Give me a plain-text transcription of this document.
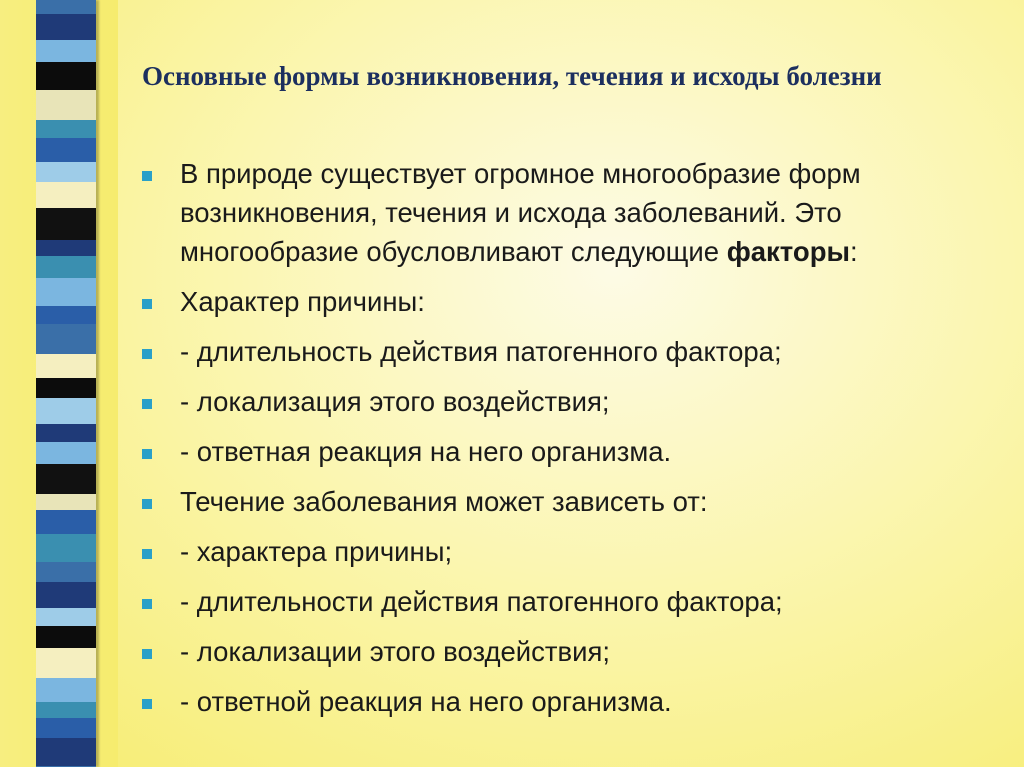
Основные формы возникновения, течения и исходы болезни
В природе существует огромное многообразие форм возникновения, течения и исхода заболеваний. Это многообразие обусловливают следующие факторы:
Характер причины:
- длительность действия патогенного фактора;
- локализация этого воздействия;
- ответная реакция на него организма.
Течение заболевания может зависеть от:
- характера причины;
- длительности действия патогенного фактора;
- локализации этого воздействия;
- ответной реакция на него организма.
